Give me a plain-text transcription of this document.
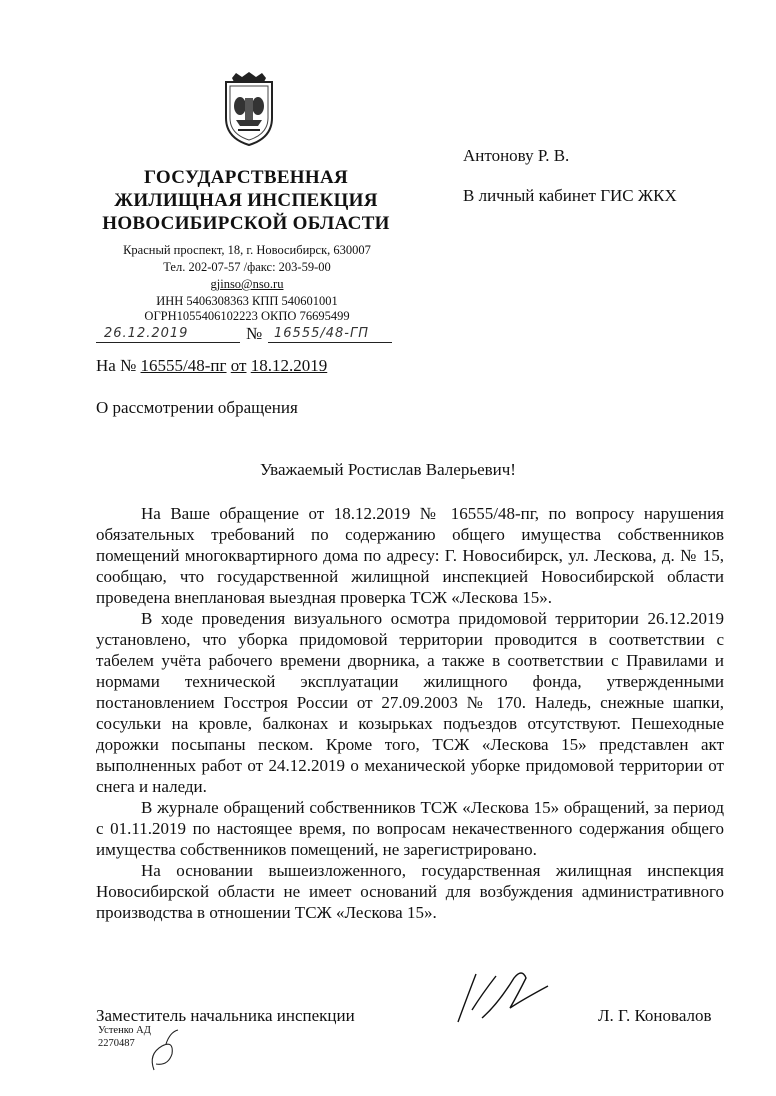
ГОСУДАРСТВЕННАЯ
ЖИЛИЩНАЯ ИНСПЕКЦИЯ
НОВОСИБИРСКОЙ ОБЛАСТИ
Красный проспект, 18, г. Новосибирск, 630007
Тел. 202-07-57 /факс: 203-59-00
gjinso@nso.ru
ИНН 5406308363 КПП 540601001
ОГРН1055406102223 ОКПО 76695499
26.12.2019	№ 16555/48-ГП
На № 16555/48-пг от 18.12.2019
Антонову Р. В.
В личный кабинет ГИС ЖКХ
О рассмотрении обращения
Уважаемый Ростислав Валерьевич!

На Ваше обращение от 18.12.2019 № 16555/48-пг, по вопросу нарушения обязательных требований по содержанию общего имущества собственников помещений многоквартирного дома по адресу: Г. Новосибирск, ул. Лескова, д. № 15, сообщаю, что государственной жилищной инспекцией Новосибирской области проведена внеплановая выездная проверка ТСЖ «Лескова 15».

В ходе проведения визуального осмотра придомовой территории 26.12.2019 установлено, что уборка придомовой территории проводится в соответствии с табелем учёта рабочего времени дворника, а также в соответствии с Правилами и нормами технической эксплуатации жилищного фонда, утвержденными постановлением Госстроя России от 27.09.2003 № 170. Наледь, снежные шапки, сосульки на кровле, балконах и козырьках подъездов отсутствуют. Пешеходные дорожки посыпаны песком. Кроме того, ТСЖ «Лескова 15» представлен акт выполненных работ от 24.12.2019 о механической уборке придомовой территории от снега и наледи.

В журнале обращений собственников ТСЖ «Лескова 15» обращений, за период с 01.11.2019 по настоящее время, по вопросам некачественного содержания общего имущества собственников помещений, не зарегистрировано.

На основании вышеизложенного, государственная жилищная инспекция Новосибирской области не имеет оснований для возбуждения административного производства в отношении ТСЖ «Лескова 15».

Заместитель начальника инспекции	Л. Г. Коновалов
Устенко АД
2270487
